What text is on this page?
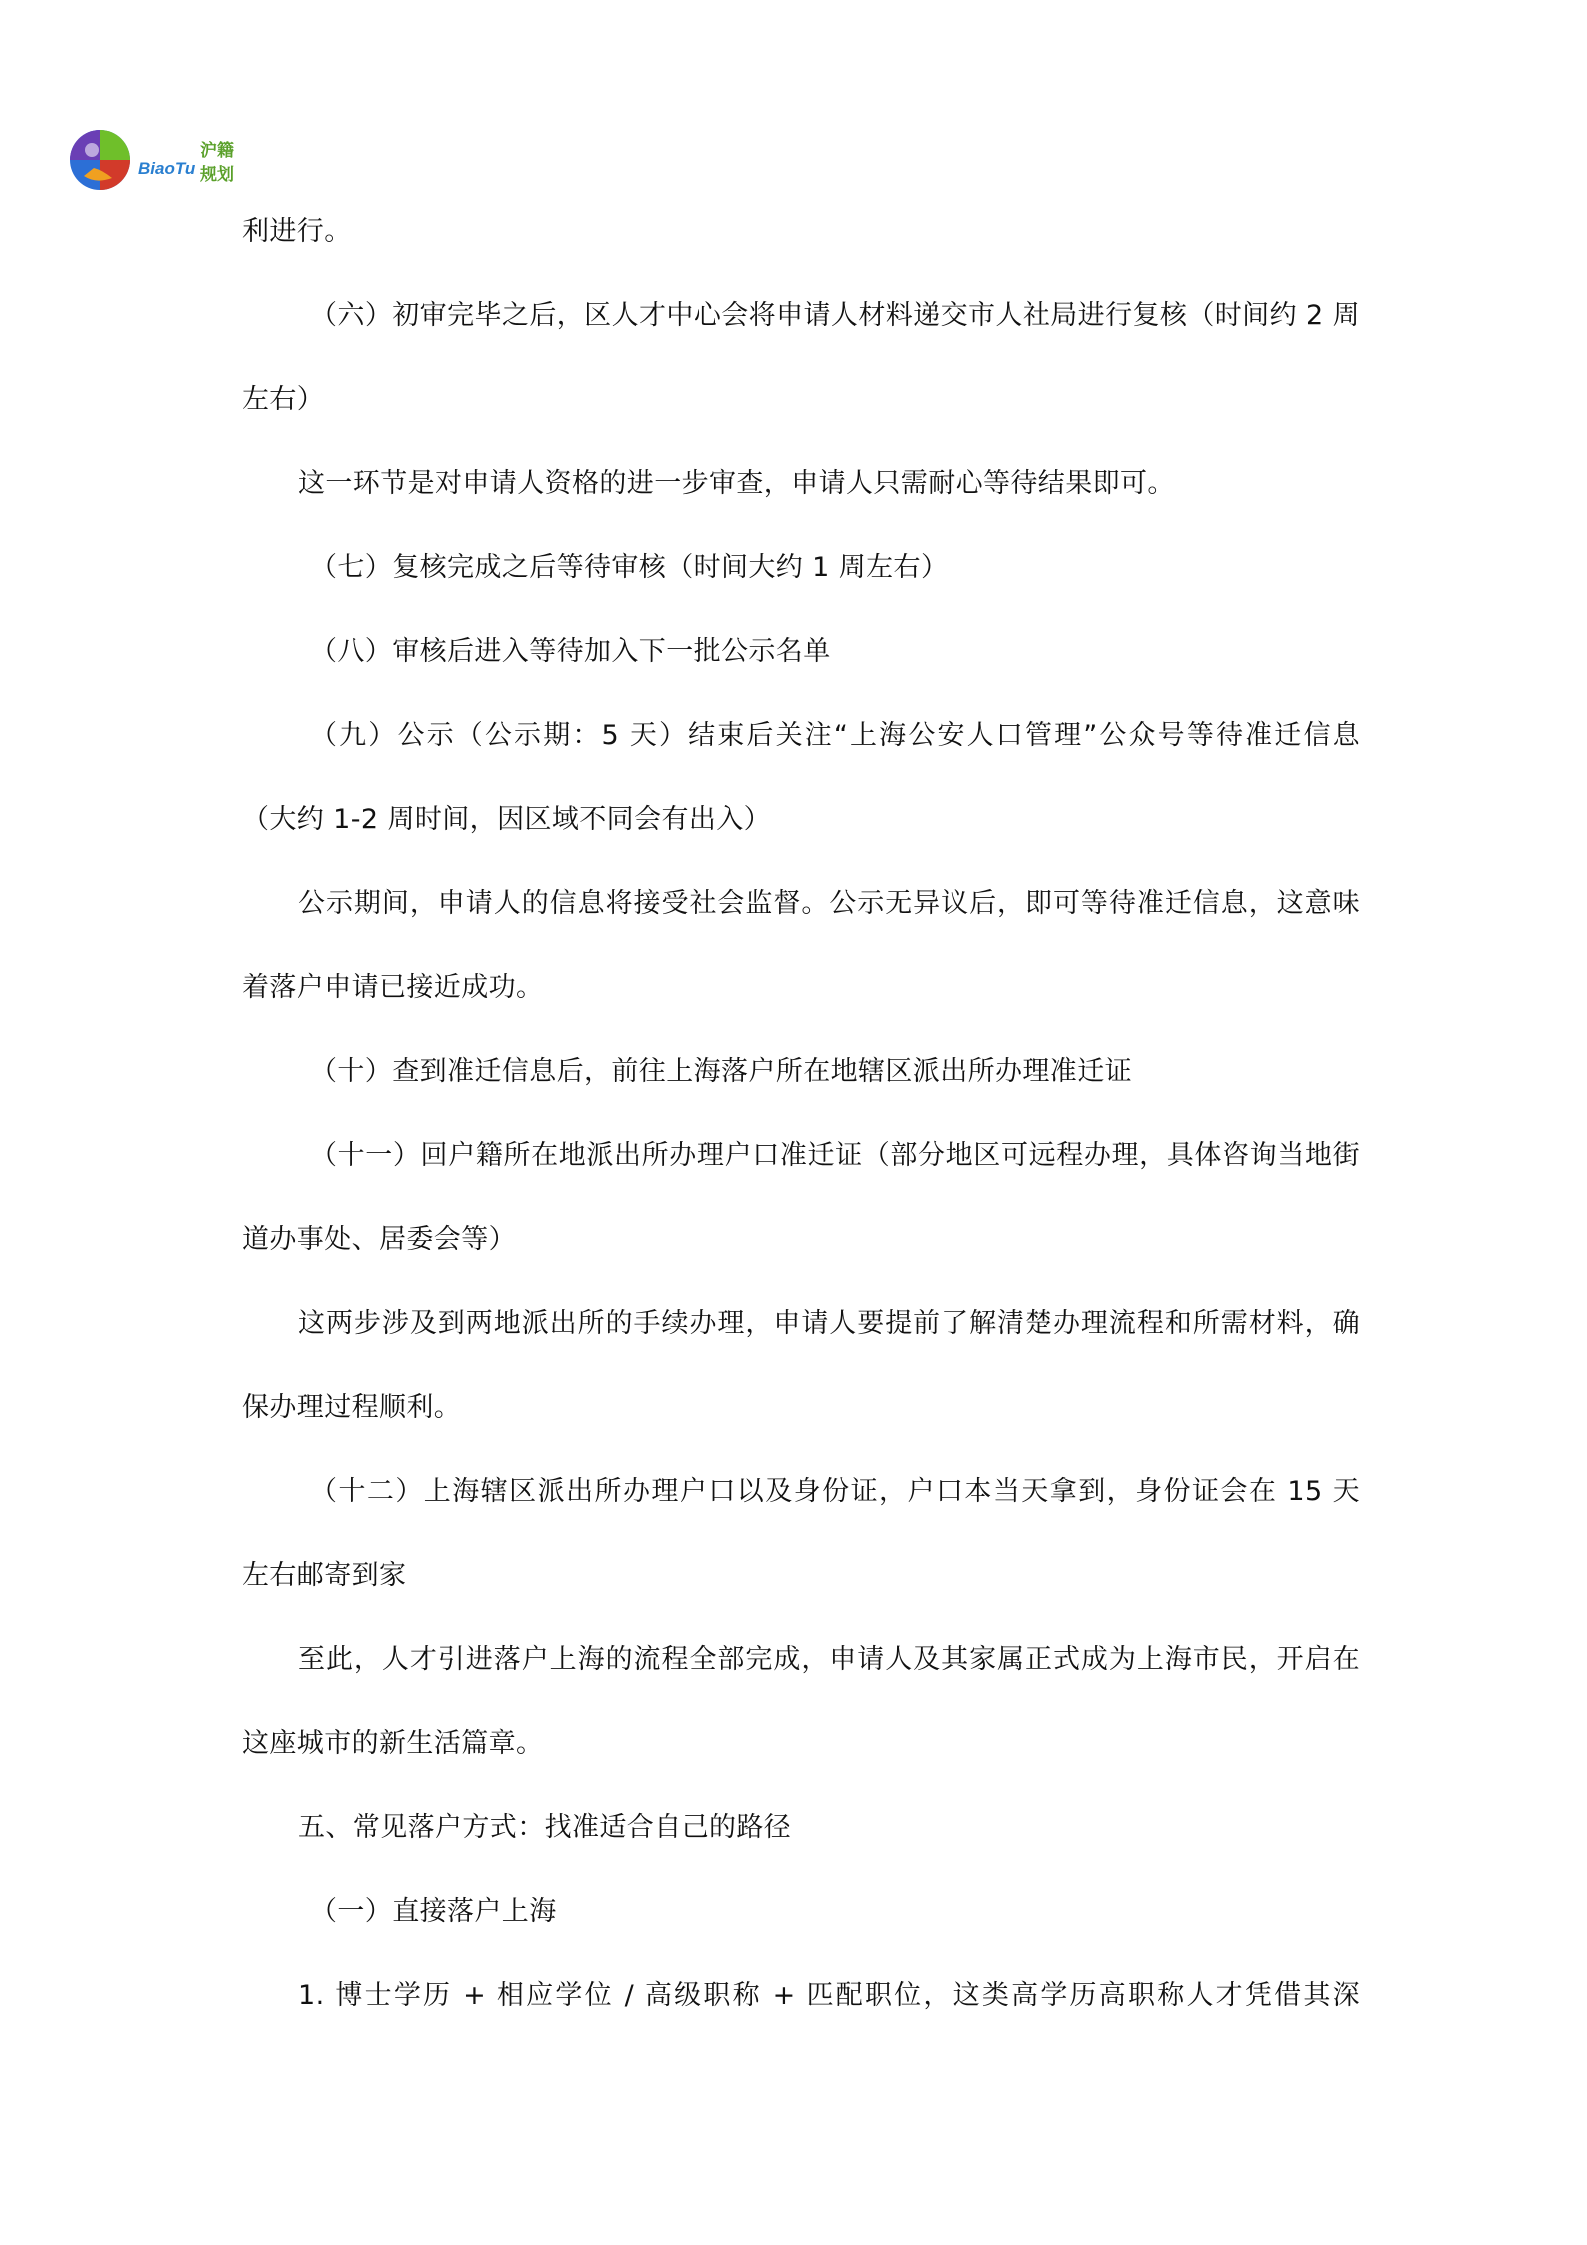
BiaoTu
沪籍
规划
利进行。
（六）初审完毕之后，区人才中心会将申请人材料递交市人社局进行复核（时间约 2 周
左右）
这一环节是对申请人资格的进一步审查，申请人只需耐心等待结果即可。
（七）复核完成之后等待审核（时间大约 1 周左右）
（八）审核后进入等待加入下一批公示名单
（九）公示（公示期：5 天）结束后关注“上海公安人口管理”公众号等待准迁信息
（大约 1-2 周时间，因区域不同会有出入）
公示期间，申请人的信息将接受社会监督。公示无异议后，即可等待准迁信息，这意味
着落户申请已接近成功。
（十）查到准迁信息后，前往上海落户所在地辖区派出所办理准迁证
（十一）回户籍所在地派出所办理户口准迁证（部分地区可远程办理，具体咨询当地街
道办事处、居委会等）
这两步涉及到两地派出所的手续办理，申请人要提前了解清楚办理流程和所需材料，确
保办理过程顺利。
（十二）上海辖区派出所办理户口以及身份证，户口本当天拿到，身份证会在 15 天
左右邮寄到家
至此，人才引进落户上海的流程全部完成，申请人及其家属正式成为上海市民，开启在
这座城市的新生活篇章。
五、常见落户方式：找准适合自己的路径
（一）直接落户上海
1. 博士学历 + 相应学位 / 高级职称 + 匹配职位，这类高学历高职称人才凭借其深
